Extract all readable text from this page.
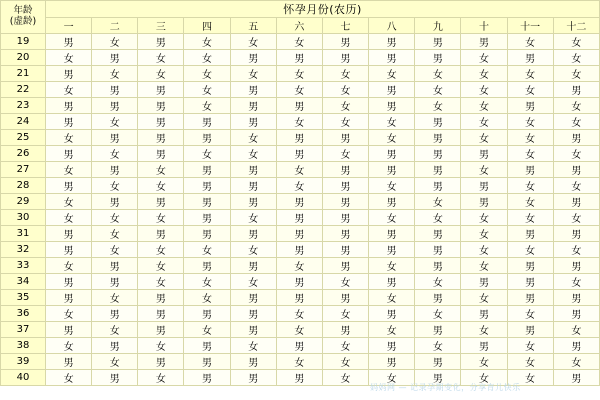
年龄
(虚龄)	怀孕月份(农历)											
	一	二	三	四	五	六	七	八	九	十	十一	十二
19	男	女	男	女	女	女	男	男	男	男	女	女
20	女	男	女	女	男	男	男	男	男	女	男	女
21	男	女	女	女	女	女	女	女	女	女	女	女
22	女	男	男	女	男	女	女	男	女	女	女	男
23	男	男	男	女	男	男	女	男	女	女	男	女
24	男	女	男	男	男	女	女	女	男	女	女	女
25	女	男	男	男	女	男	男	女	男	女	女	男
26	男	女	男	女	女	男	女	男	男	男	女	女
27	女	男	女	男	男	女	男	男	男	女	男	男
28	男	女	女	男	男	女	男	女	男	男	女	女
29	女	男	男	男	男	男	男	男	女	男	女	男
30	女	女	女	男	女	男	男	女	女	女	女	女
31	男	女	男	男	男	男	男	男	男	女	男	男
32	男	女	女	女	女	男	男	男	男	女	女	女
33	女	男	女	男	男	女	男	女	男	女	男	男
34	男	男	女	女	女	男	女	男	女	男	男	女
35	男	女	男	女	男	男	男	女	男	女	男	男
36	女	男	男	男	男	女	女	男	女	男	女	男
37	男	女	男	女	男	女	男	女	男	女	男	女
38	女	男	女	男	女	男	女	男	女	男	女	男
39	男	女	男	男	男	女	女	男	男	女	女	女
40	女	男	女	男	男	男	女	女	男	女	女	男
妈妈网 — 记录孕期变化，分享育儿快乐
